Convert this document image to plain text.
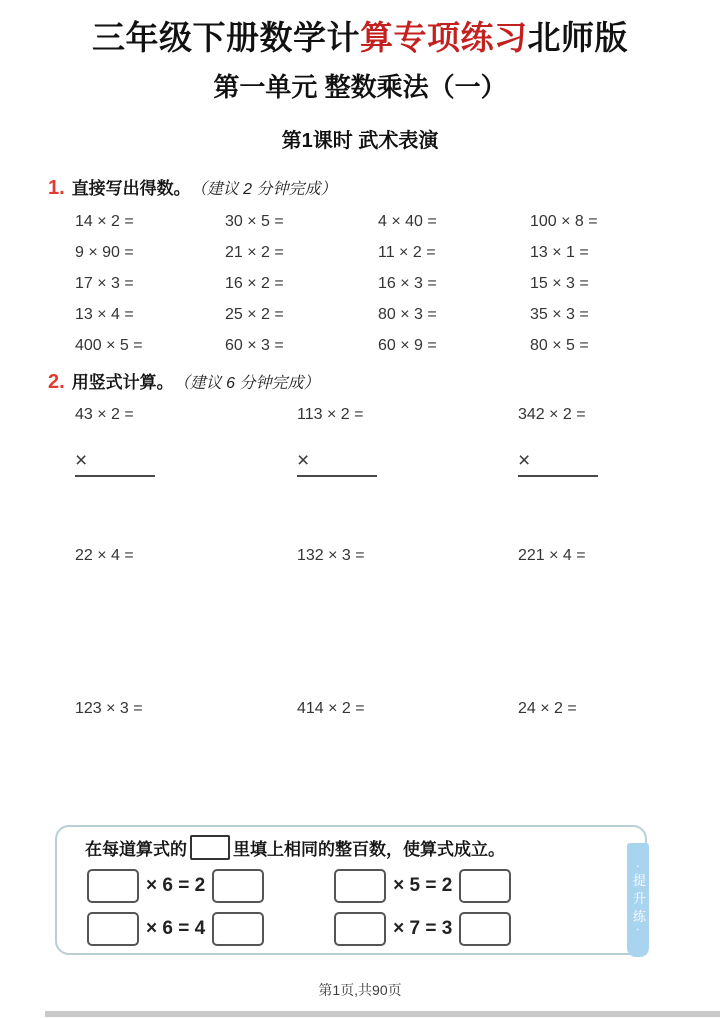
三年级下册数学计算专项练习北师版
第一单元 整数乘法（一）
第1课时 武术表演
1. 直接写出得数。 （建议 2 分钟完成）
14 × 2 =	30 × 5 =	4 × 40 =	100 × 8 =
9 × 90 =	21 × 2 =	11 × 2 =	13 × 1 =
17 × 3 =	16 × 2 =	16 × 3 =	15 × 3 =
13 × 4 =	25 × 2 =	80 × 3 =	35 × 3 =
400 × 5 =	60 × 3 =	60 × 9 =	80 × 5 =
2. 用竖式计算。 （建议 6 分钟完成）
43 × 2 =	113 × 2 =	342 × 2 =
×	×	×
22 × 4 =	132 × 3 =	221 × 4 =
123 × 3 =	414 × 2 =	24 × 2 =
在每道算式的	里填上相同的整百数，使算式成立。
× 6 = 2	× 5 = 2
× 6 = 4	× 7 = 3	·提升练·
第1页,共90页
